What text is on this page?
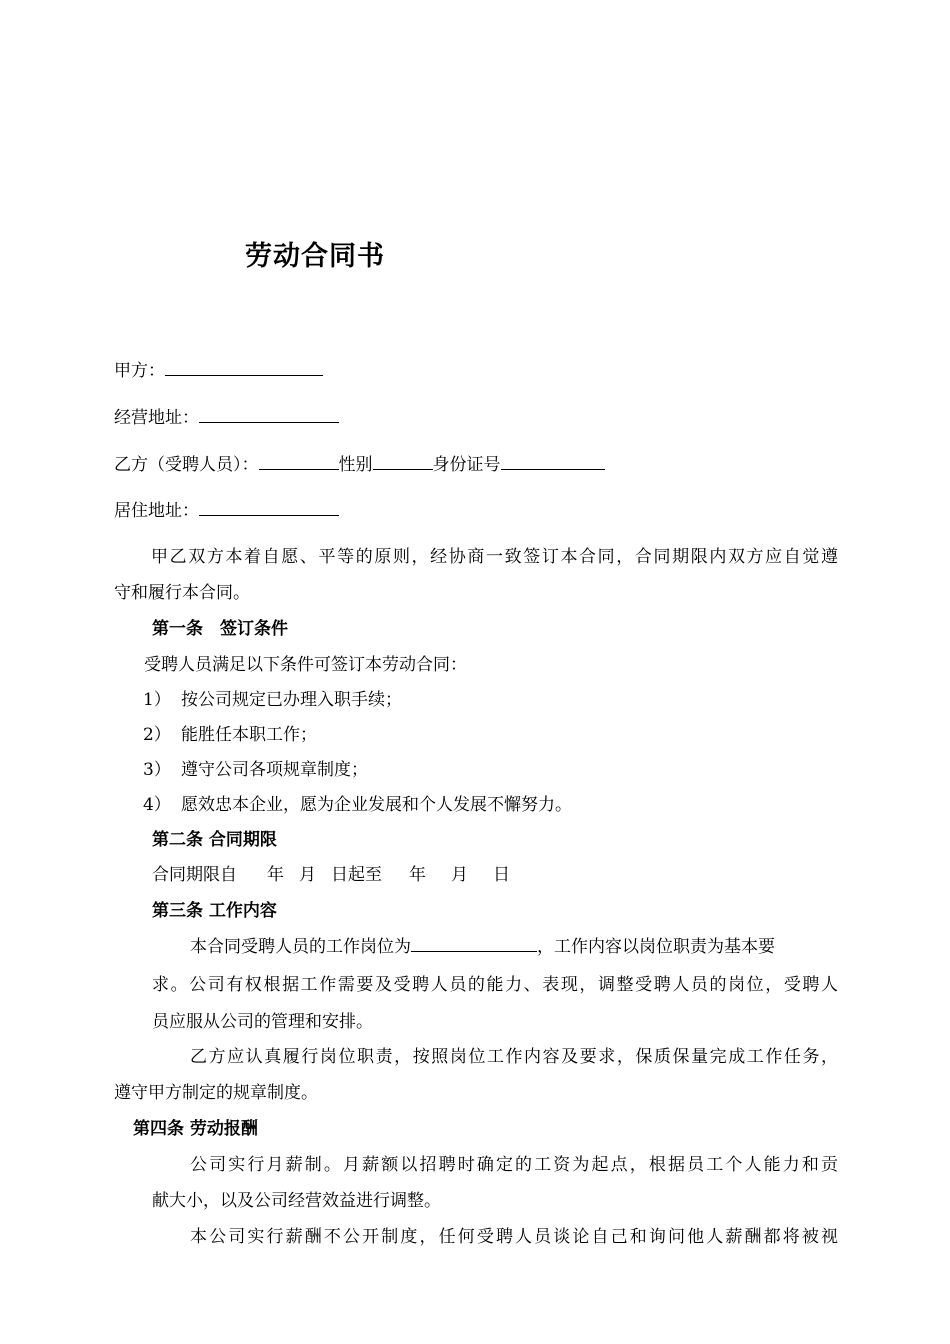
劳动合同书
甲方：
经营地址：
乙方（受聘人员）：	性别	身份证号
居住地址：
甲乙双方本着自愿、平等的原则，经协商一致签订本合同，合同期限内双方应自觉遵
守和履行本合同。
第一条　签订条件
受聘人员满足以下条件可签订本劳动合同：
1） 按公司规定已办理入职手续；
2） 能胜任本职工作；
3） 遵守公司各项规章制度；
4） 愿效忠本企业，愿为企业发展和个人发展不懈努力。
第二条 合同期限
合同期限自 年 月 日起至 年 月 日
第三条 工作内容
本合同受聘人员的工作岗位为	，工作内容以岗位职责为基本要
求。公司有权根据工作需要及受聘人员的能力、表现，调整受聘人员的岗位，受聘人
员应服从公司的管理和安排。
乙方应认真履行岗位职责，按照岗位工作内容及要求，保质保量完成工作任务，
遵守甲方制定的规章制度。
第四条 劳动报酬
公司实行月薪制。月薪额以招聘时确定的工资为起点，根据员工个人能力和贡
献大小，以及公司经营效益进行调整。
本公司实行薪酬不公开制度，任何受聘人员谈论自己和询问他人薪酬都将被视
